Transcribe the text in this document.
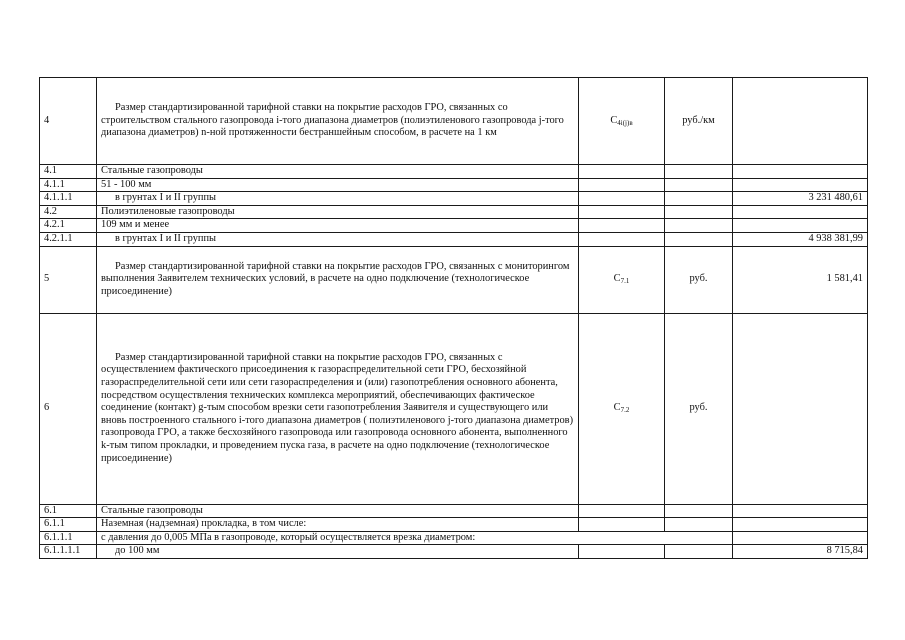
4	Размер стандартизированной тарифной ставки на покрытие расходов ГРО, связанных со строительством стального газопровода i-того диапазона диаметров (полиэтиленового газопровода j-того диапазона диаметров) n-ной протяженности бестраншейным способом, в расчете на 1 км	C4i(j)в	руб./км	
4.1	Стальные газопроводы			
4.1.1	51 - 100 мм			
4.1.1.1	в грунтах I и II группы			3 231 480,61
4.2	Полиэтиленовые газопроводы			
4.2.1	109 мм и менее			
4.2.1.1	в грунтах I и II группы			4 938 381,99
5	Размер стандартизированной тарифной ставки на покрытие расходов ГРО, связанных с мониторингом выполнения Заявителем технических условий, в расчете на одно подключение (технологическое присоединение)	C7.1	руб.	1 581,41
6	Размер стандартизированной тарифной ставки на покрытие расходов ГРО, связанных с осуществлением фактического присоединения к газораспределительной сети ГРО, бесхозяйной газораспределительной сети или сети газораспределения и (или) газопотребления основного абонента, посредством осуществления технических комплекса мероприятий, обеспечивающих фактическое соединение (контакт) g-тым способом врезки сети газопотребления Заявителя и существующего или вновь построенного стального i-того диапазона диаметров ( полиэтиленового j-того диапазона диаметров) газопровода ГРО, а также бесхозяйного газопровода или газопровода основного абонента, выполненного k-тым типом прокладки, и проведением пуска газа, в расчете на одно подключение (технологическое присоединение)	C7.2	руб.	
6.1	Стальные газопроводы			
6.1.1	Наземная (надземная) прокладка, в том числе:			
6.1.1.1	с давления до 0,005 МПа в газопроводе, который осуществляется врезка диаметром:			
6.1.1.1.1	до 100 мм			8 715,84
